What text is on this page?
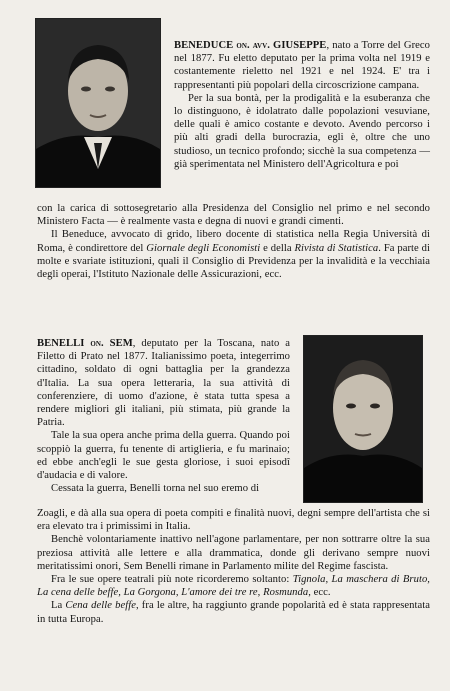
BENEDUCE on. avv. GIUSEPPE, nato a Torre del Greco nel 1877. Fu eletto deputato per la prima volta nel 1919 e costantemente rieletto nel 1921 e nel 1924. E' tra i rappresentanti più popolari della circoscrizione campana.

Per la sua bontà, per la prodigalità e la esuberanza che lo distinguono, è idolatrato dalle popolazioni vesuviane, delle quali è amico costante e devoto. Avendo percorso i più alti gradi della burocrazia, egli è, oltre che uno studioso, un tecnico profondo; sicchè la sua competenza — già sperimentata nel Ministero dell'Agricoltura e poi

con la carica di sottosegretario alla Presidenza del Consiglio nel primo e nel secondo Ministero Facta — è realmente vasta e degna di nuovi e grandi cimenti.

Il Beneduce, avvocato di grido, libero docente di statistica nella Regia Università di Roma, è condirettore del Giornale degli Economisti e della Rivista di Statistica. Fa parte di molte e svariate istituzioni, quali il Consiglio di Previdenza per la invalidità e la vecchiaia degli operai, l'Istituto Nazionale delle Assicurazioni, ecc.

BENELLI on. SEM, deputato per la Toscana, nato a Filetto di Prato nel 1877. Italianissimo poeta, integerrimo cittadino, soldato di ogni battaglia per la grandezza d'Italia. La sua opera letteraria, la sua attività di conferenziere, di uomo d'azione, è stata tutta spesa a rendere migliori gli italiani, più stimata, più grande la Patria.

Tale la sua opera anche prima della guerra. Quando poi scoppiò la guerra, fu tenente di artiglieria, e fu marinaio; ed ebbe anch'egli le sue gesta gloriose, i suoi episodî d'audacia e di valore.

Cessata la guerra, Benelli torna nel suo eremo di

Zoagli, e dà alla sua opera di poeta compiti e finalità nuovi, degni sempre dell'artista che si era elevato tra i primissimi in Italia.

Benchè volontariamente inattivo nell'agone parlamentare, per non sottrarre oltre la sua preziosa attività alle lettere e alla drammatica, donde gli derivano sempre nuovi meritatissimi onori, Sem Benelli rimane in Parlamento milite del Regime fascista.

Fra le sue opere teatrali più note ricorderemo soltanto: Tignola, La maschera di Bruto, La cena delle beffe, La Gorgona, L'amore dei tre re, Rosmunda, ecc.

La Cena delle beffe, fra le altre, ha raggiunto grande popolarità ed è stata rappresentata in tutta Europa.
